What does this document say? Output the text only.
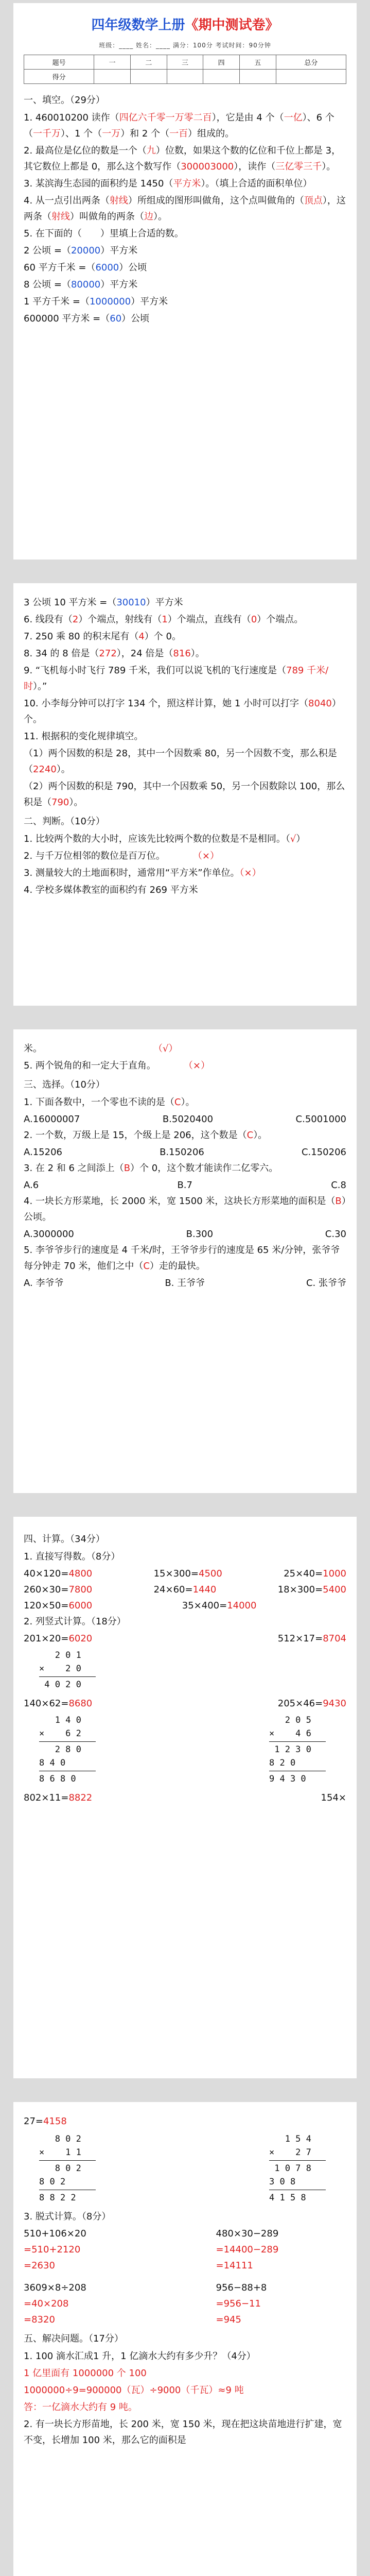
四年级数学上册《期中测试卷》
班级：____ 姓名：____ 满分：100分 考试时间：90分钟
题号	一	二	三	四	五	总分
得分						
一、填空。（29分）
1. 460010200 读作（四亿六千零一万零二百），它是由 4 个（一亿）、6 个（一千万）、1 个（一万）和 2 个（一百）组成的。
2. 最高位是亿位的数是一个（九）位数，如果这个数的亿位和千位上都是 3，其它数位上都是 0，那么这个数写作（300003000），读作（三亿零三千）。
3. 某滨海生态园的面积约是 1450（平方米）。（填上合适的面积单位）
4. 从一点引出两条（射线）所组成的图形叫做角，这个点叫做角的（顶点），这两条（射线）叫做角的两条（边）。
5. 在下面的（　　）里填上合适的数。
2 公顷 =（20000）平方米
60 平方千米 =（6000）公顷
8 公顷 =（80000）平方米
1 平方千米 =（1000000）平方米
600000 平方米 =（60）公顷
3 公顷 10 平方米 =（30010）平方米
6. 线段有（2）个端点，射线有（1）个端点，直线有（0）个端点。
7. 250 乘 80 的积末尾有（4）个 0。
8. 34 的 8 倍是（272），24 倍是（816）。
9. “飞机每小时飞行 789 千米，我们可以说飞机的飞行速度是（789 千米/时）。”
10. 小李每分钟可以打字 134 个，照这样计算，她 1 小时可以打字（8040）个。
11. 根据积的变化规律填空。
（1）两个因数的积是 28，其中一个因数乘 80，另一个因数不变，那么积是（2240）。
（2）两个因数的积是 790，其中一个因数乘 50，另一个因数除以 100，那么积是（790）。
二、判断。（10分）
1. 比较两个数的大小时，应该先比较两个数的位数是不是相同。（√）
2. 与千万位相邻的数位是百万位。　　　　	（×）
3. 测量较大的土地面积时，通常用“平方米”作单位。（×）
4. 学校多媒体教室的面积约有 269 平方米
米。　　　　　　　　　　　　　	（√）
5. 两个锐角的和一定大于直角。　　　　	（×）
三、选择。（10分）
1. 下面各数中，一个零也不读的是（C）。
A.16000007	B.5020400	C.5001000
2. 一个数，万级上是 15，个级上是 206，这个数是（C）。
A.15206	B.150206	C.150206
3. 在 2 和 6 之间添上（B）个 0，这个数才能读作二亿零六。
A.6	B.7	C.8
4. 一块长方形菜地，长 2000 米，宽 1500 米，这块长方形菜地的面积是（B）公顷。
A.3000000	B.300	C.30
5. 李爷爷步行的速度是 4 千米/时，王爷爷步行的速度是 65 米/分钟，张爷爷每分钟走 70 米，他们之中（C）走的最快。
A. 李爷爷	B. 王爷爷	C. 张爷爷
四、计算。（34分）
1. 直接写得数。（8分）
40×120=4800	15×300=4500	25×40=1000
260×30=7800	24×60=1440	18×300=5400
120×50=6000	35×400=14000
2. 列竖式计算。（18分）
201×20=6020	512×17=8704
2 0 1
×    2 0

4 0 2 0
140×62=8680	205×46=9430
1 4 0
×    6 2

2 8 0
8 4 0

8 6 8 0
2 0 5
×    4 6

1 2 3 0
8 2 0

9 4 3 0
802×11=8822	154×
27=4158
8 0 2
×    1 1

8 0 2
8 0 2

8 8 2 2
1 5 4
×    2 7

1 0 7 8
3 0 8

4 1 5 8
3. 脱式计算。（8分）
510+106×20
=510+2120
=2630
480×30−289
=14400−289
=14111
3609×8÷208
=40×208
=8320
956−88+8
=956−11
=945
五、解决问题。（17分）
1. 100 滴水汇成1 升，1 亿滴水大约有多少升？（4分）
1 亿里面有 1000000 个 100
1000000÷9=900000（瓦）÷9000（千瓦）≈9 吨
答：一亿滴水大约有 9 吨。
2. 有一块长方形苗地，长 200 米，宽 150 米，现在把这块苗地进行扩建，宽不变，长增加 100 米，那么它的面积是
